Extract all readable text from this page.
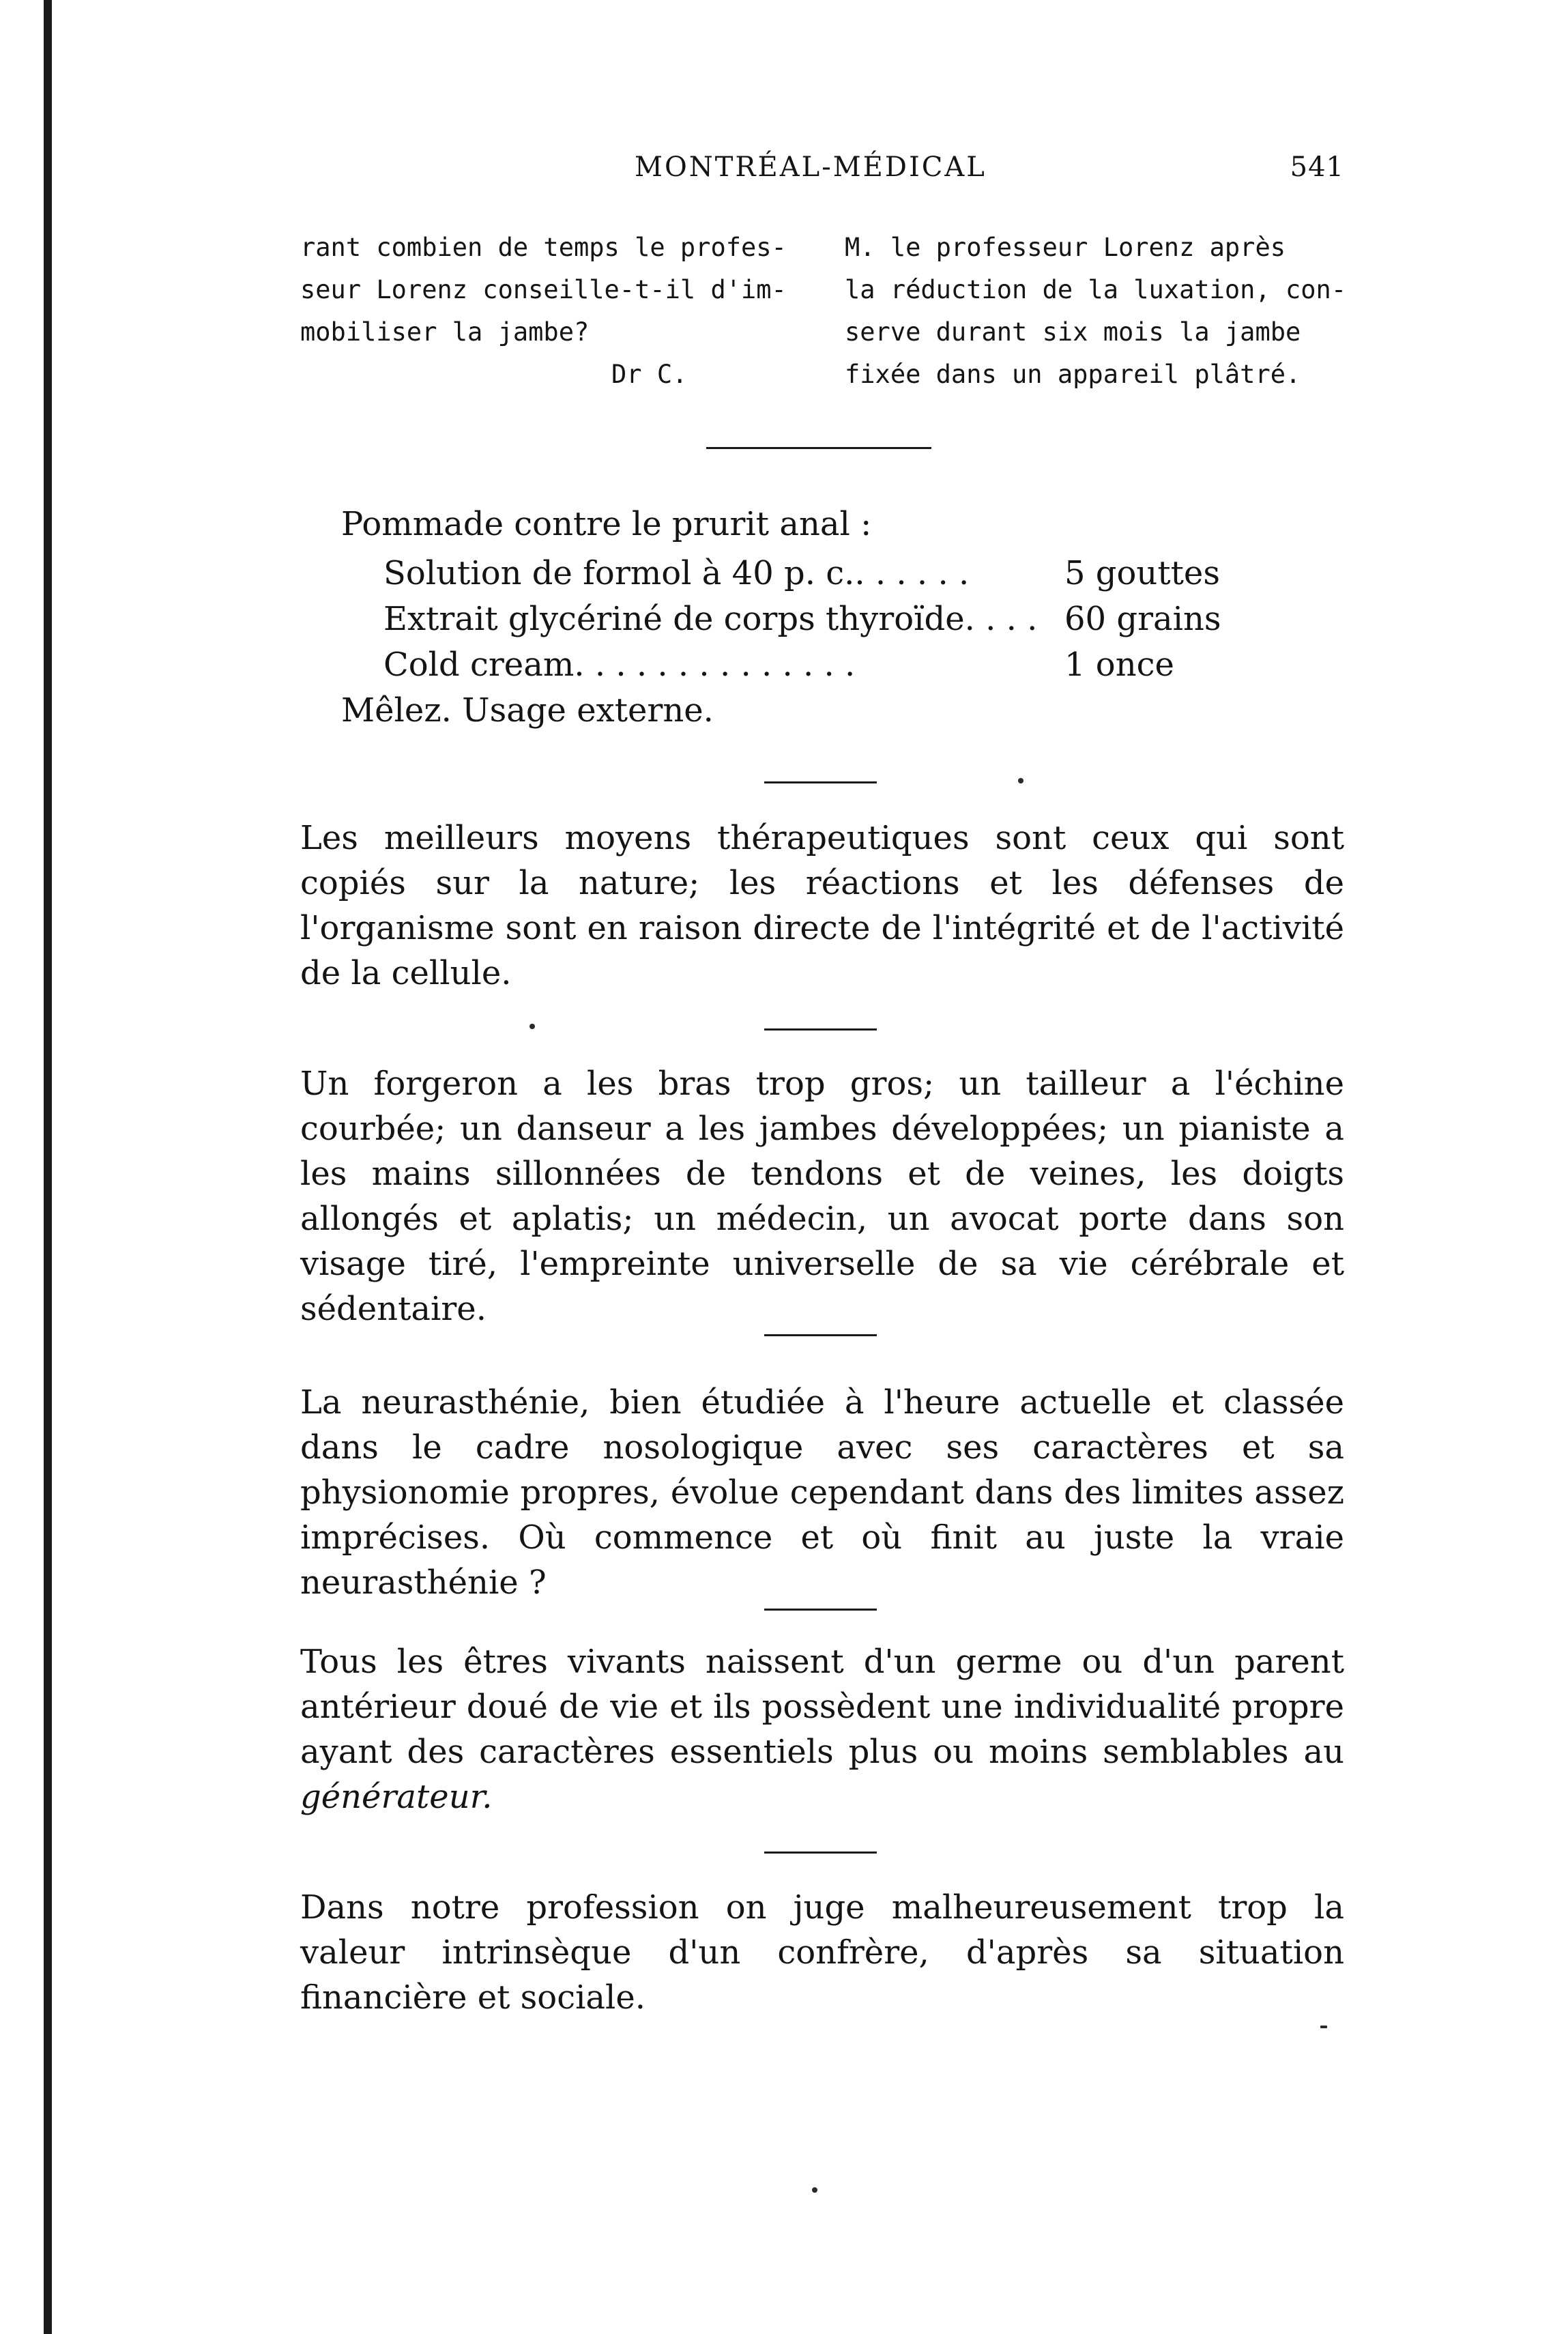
MONTRÉAL-MÉDICAL	541
rant combien de temps le profes-
seur Lorenz conseille-t-il d'im-
mobiliser la jambe?

Dr C.
M. le professeur Lorenz après
la réduction de la luxation, con-
serve durant six mois la jambe
fixée dans un appareil plâtré.
Pommade contre le prurit anal :
Solution de formol à 40 p. c.. . . . . .	5 gouttes
Extrait glycériné de corps thyroïde. . . . 60 grains
Cold cream. . . . . . . . . . . . . .	1 once
Mêlez. Usage externe.
Les meilleurs moyens thérapeutiques sont ceux qui sont copiés sur la nature; les réactions et les défenses de l'organisme sont en raison directe de l'intégrité et de l'activité de la cellule.
Un forgeron a les bras trop gros; un tailleur a l'échine courbée; un danseur a les jambes développées; un pianiste a les mains sillonnées de tendons et de veines, les doigts allongés et aplatis; un médecin, un avocat porte dans son visage tiré, l'empreinte universelle de sa vie cérébrale et sédentaire.
La neurasthénie, bien étudiée à l'heure actuelle et classée dans le cadre nosologique avec ses caractères et sa physionomie propres, évolue cependant dans des limites assez imprécises. Où commence et où finit au juste la vraie neurasthénie ?
Tous les êtres vivants naissent d'un germe ou d'un parent antérieur doué de vie et ils possèdent une individualité propre ayant des caractères essentiels plus ou moins semblables au générateur.
Dans notre profession on juge malheureusement trop la valeur intrinsèque d'un confrère, d'après sa situation financière et sociale.
